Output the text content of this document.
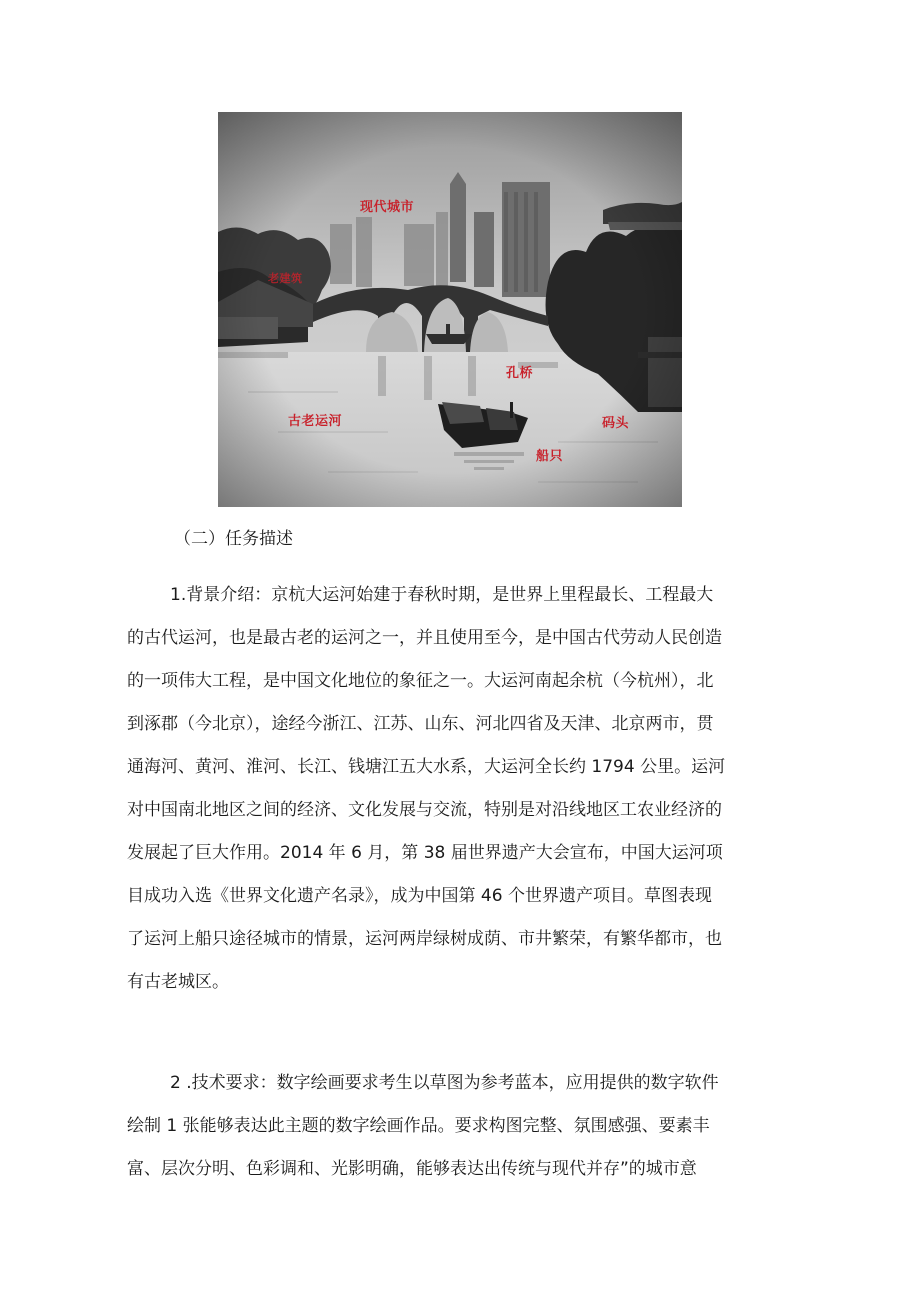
现代城市
老建筑
孔桥
古老运河	码头
船只
（二）任务描述
1.背景介绍：京杭大运河始建于春秋时期，是世界上里程最长、工程最大
的古代运河，也是最古老的运河之一，并且使用至今，是中国古代劳动人民创造
的一项伟大工程，是中国文化地位的象征之一。大运河南起余杭（今杭州），北
到涿郡（今北京），途经今浙江、江苏、山东、河北四省及天津、北京两市，贯
通海河、黄河、淮河、长江、钱塘江五大水系，大运河全长约 1794 公里。运河
对中国南北地区之间的经济、文化发展与交流，特别是对沿线地区工农业经济的
发展起了巨大作用。2014 年 6 月，第 38 届世界遗产大会宣布，中国大运河项
目成功入选《世界文化遗产名录》，成为中国第 46 个世界遗产项目。草图表现
了运河上船只途径城市的情景，运河两岸绿树成荫、市井繁荣，有繁华都市，也
有古老城区。
2 .技术要求：数字绘画要求考生以草图为参考蓝本，应用提供的数字软件
绘制 1 张能够表达此主题的数字绘画作品。要求构图完整、氛围感强、要素丰
富、层次分明、色彩调和、光影明确，能够表达出传统与现代并存”的城市意
